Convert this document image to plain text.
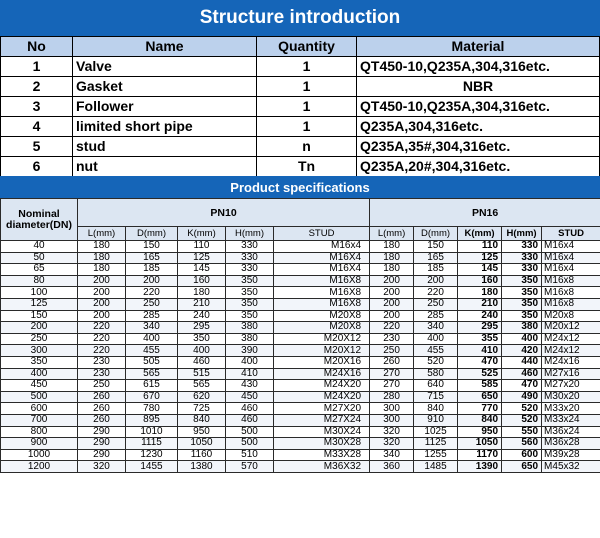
Structure introduction
No	Name	Quantity	Material
1	Valve	1	QT450-10,Q235A,304,316etc.
2	Gasket	1	NBR
3	Follower	1	QT450-10,Q235A,304,316etc.
4	limited short pipe	1	Q235A,304,316etc.
5	stud	n	Q235A,35#,304,316etc.
6	nut	Tn	Q235A,20#,304,316etc.
Product specifications
Nominal diameter(DN)	PN10					PN16				
	L(mm)	D(mm)	K(mm)	H(mm)	STUD	L(mm)	D(mm)	K(mm)	H(mm)	STUD
40	180	150	110	330	M16x4	180	150	110	330	M16x4
50	180	165	125	330	M16X4	180	165	125	330	M16x4
65	180	185	145	330	M16X4	180	185	145	330	M16x4
80	200	200	160	350	M16X8	200	200	160	350	M16x8
100	200	220	180	350	M16X8	200	220	180	350	M16x8
125	200	250	210	350	M16X8	200	250	210	350	M16x8
150	200	285	240	350	M20X8	200	285	240	350	M20x8
200	220	340	295	380	M20X8	220	340	295	380	M20x12
250	220	400	350	380	M20X12	230	400	355	400	M24x12
300	220	455	400	390	M20X12	250	455	410	420	M24x12
350	230	505	460	400	M20X16	260	520	470	440	M24x16
400	230	565	515	410	M24X16	270	580	525	460	M27x16
450	250	615	565	430	M24X20	270	640	585	470	M27x20
500	260	670	620	450	M24X20	280	715	650	490	M30x20
600	260	780	725	460	M27X20	300	840	770	520	M33x20
700	260	895	840	460	M27X24	300	910	840	520	M33x24
800	290	1010	950	500	M30X24	320	1025	950	550	M36x24
900	290	1115	1050	500	M30X28	320	1125	1050	560	M36x28
1000	290	1230	1160	510	M33X28	340	1255	1170	600	M39x28
1200	320	1455	1380	570	M36X32	360	1485	1390	650	M45x32
